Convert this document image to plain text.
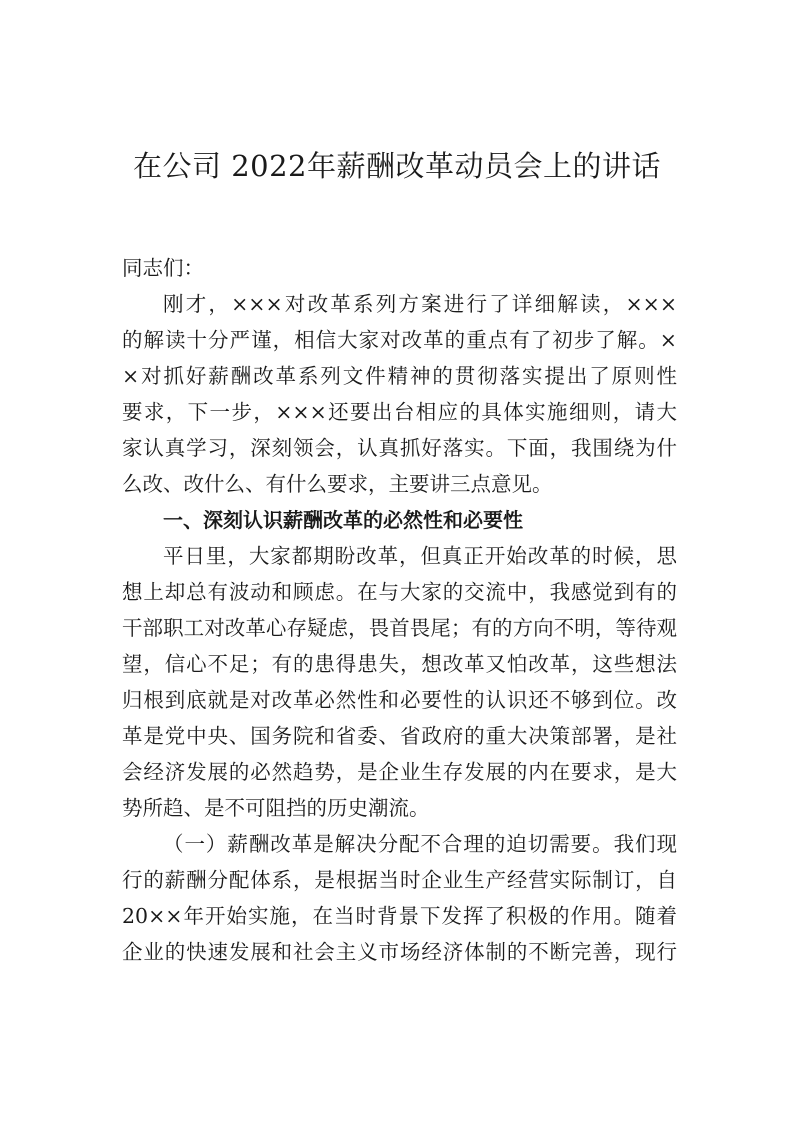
在公司 2022年薪酬改革动员会上的讲话
同志们：
刚才，×××对改革系列方案进行了详细解读，×××
的解读十分严谨，相信大家对改革的重点有了初步了解。×
×对抓好薪酬改革系列文件精神的贯彻落实提出了原则性
要求，下一步，×××还要出台相应的具体实施细则，请大
家认真学习，深刻领会，认真抓好落实。下面，我围绕为什
么改、改什么、有什么要求，主要讲三点意见。
一、深刻认识薪酬改革的必然性和必要性
平日里，大家都期盼改革，但真正开始改革的时候，思
想上却总有波动和顾虑。在与大家的交流中，我感觉到有的
干部职工对改革心存疑虑，畏首畏尾；有的方向不明，等待观
望，信心不足；有的患得患失，想改革又怕改革，这些想法
归根到底就是对改革必然性和必要性的认识还不够到位。改
革是党中央、国务院和省委、省政府的重大决策部署，是社
会经济发展的必然趋势，是企业生存发展的内在要求，是大
势所趋、是不可阻挡的历史潮流。
（一）薪酬改革是解决分配不合理的迫切需要。我们现
行的薪酬分配体系，是根据当时企业生产经营实际制订，自
20××年开始实施，在当时背景下发挥了积极的作用。随着
企业的快速发展和社会主义市场经济体制的不断完善，现行
